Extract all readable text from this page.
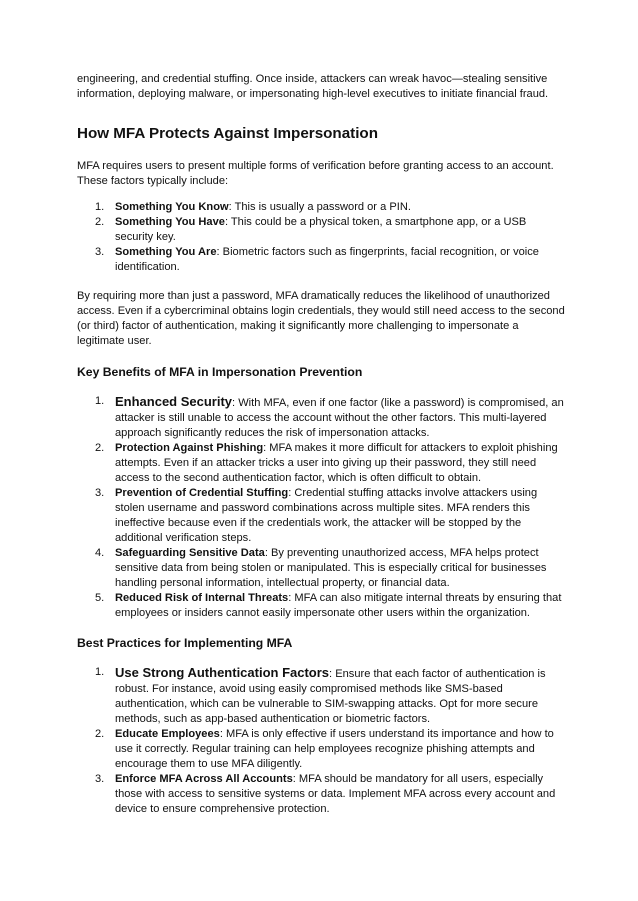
engineering, and credential stuffing. Once inside, attackers can wreak havoc—stealing sensitive information, deploying malware, or impersonating high-level executives to initiate financial fraud.

How MFA Protects Against Impersonation

MFA requires users to present multiple forms of verification before granting access to an account. These factors typically include:

1. Something You Know: This is usually a password or a PIN.
2. Something You Have: This could be a physical token, a smartphone app, or a USB security key.
3. Something You Are: Biometric factors such as fingerprints, facial recognition, or voice identification.

By requiring more than just a password, MFA dramatically reduces the likelihood of unauthorized access. Even if a cybercriminal obtains login credentials, they would still need access to the second (or third) factor of authentication, making it significantly more challenging to impersonate a legitimate user.

Key Benefits of MFA in Impersonation Prevention
1. Enhanced Security: With MFA, even if one factor (like a password) is compromised, an attacker is still unable to access the account without the other factors. This multi-layered approach significantly reduces the risk of impersonation attacks.
2. Protection Against Phishing: MFA makes it more difficult for attackers to exploit phishing attempts. Even if an attacker tricks a user into giving up their password, they still need access to the second authentication factor, which is often difficult to obtain.
3. Prevention of Credential Stuffing: Credential stuffing attacks involve attackers using stolen username and password combinations across multiple sites. MFA renders this ineffective because even if the credentials work, the attacker will be stopped by the additional verification steps.
4. Safeguarding Sensitive Data: By preventing unauthorized access, MFA helps protect sensitive data from being stolen or manipulated. This is especially critical for businesses handling personal information, intellectual property, or financial data.
5. Reduced Risk of Internal Threats: MFA can also mitigate internal threats by ensuring that employees or insiders cannot easily impersonate other users within the organization.
Best Practices for Implementing MFA
1. Use Strong Authentication Factors: Ensure that each factor of authentication is robust. For instance, avoid using easily compromised methods like SMS-based authentication, which can be vulnerable to SIM-swapping attacks. Opt for more secure methods, such as app-based authentication or biometric factors.
2. Educate Employees: MFA is only effective if users understand its importance and how to use it correctly. Regular training can help employees recognize phishing attempts and encourage them to use MFA diligently.
3. Enforce MFA Across All Accounts: MFA should be mandatory for all users, especially those with access to sensitive systems or data. Implement MFA across every account and device to ensure comprehensive protection.
